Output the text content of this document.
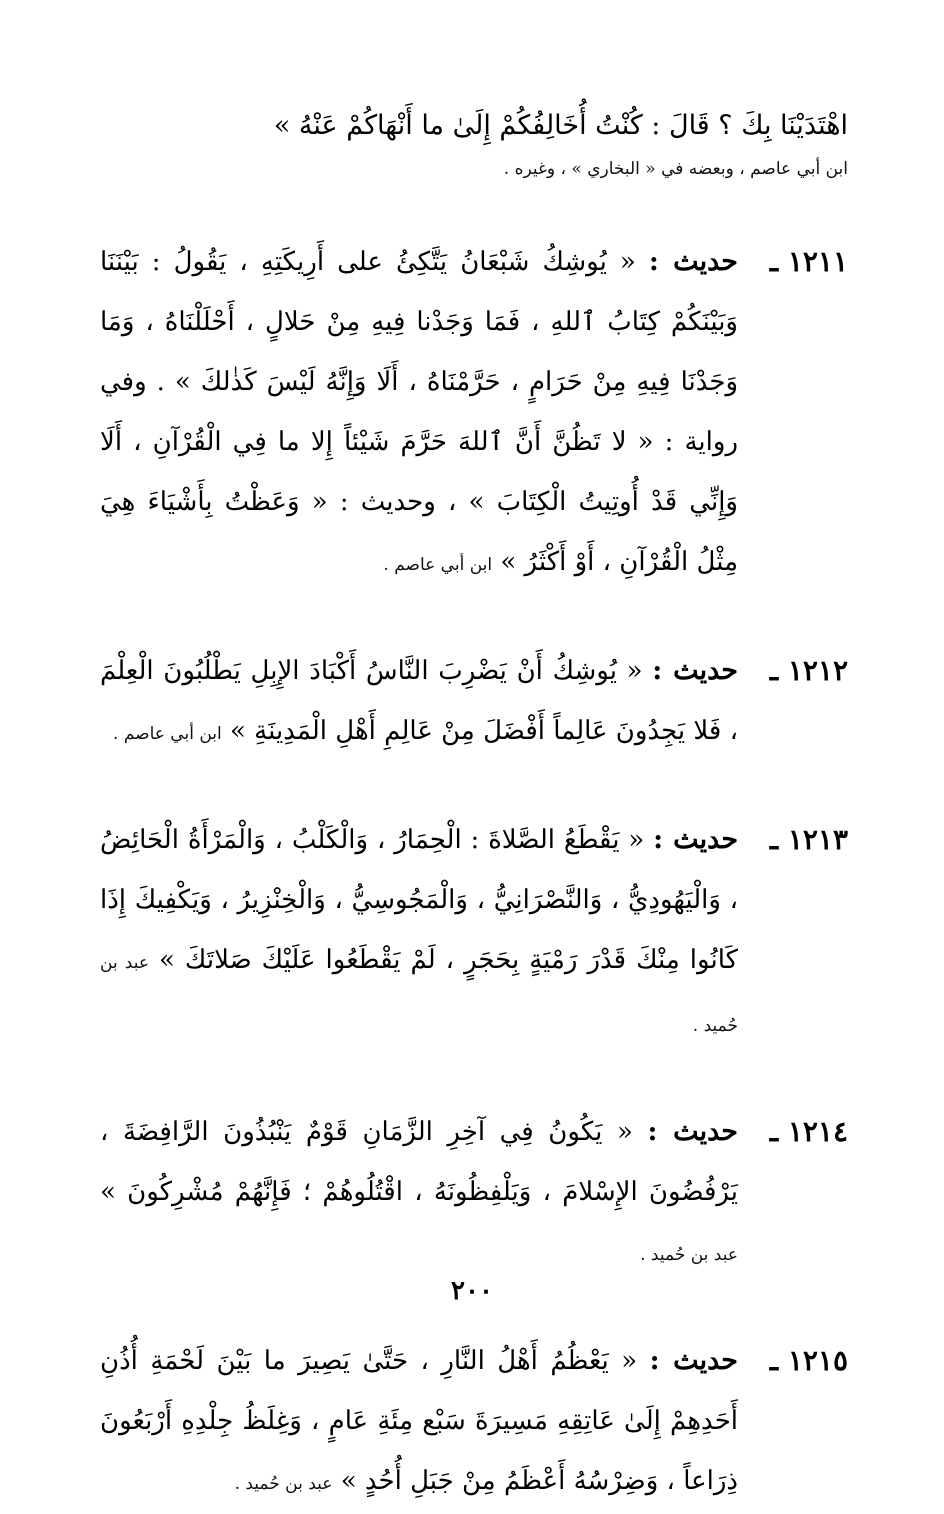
اهْتَدَيْنَا بِكَ ؟ قَالَ : كُنْتُ أُخَالِفُكُمْ إِلَىٰ ما أَنْهَاكُمْ عَنْهُ »
ابن أبي عاصم ، وبعضه في « البخاري » ، وغيره .
١٢١١ ـ
حديث : « يُوشِكُ شَبْعَانُ يَتَّكِئُ على أَرِيكَتِهِ ، يَقُولُ : بَيْنَنَا وَبَيْنَكُمْ كِتَابُ ٱللهِ ، فَمَا وَجَدْنا فِيهِ مِنْ حَلالٍ ، أَحْلَلْنَاهُ ، وَمَا وَجَدْنَا فِيهِ مِنْ حَرَامٍ ، حَرَّمْنَاهُ ، أَلَا وَإِنَّهُ لَيْسَ كَذٰلكَ » . وفي رواية : « لا تَظُنَّ أَنَّ ٱللهَ حَرَّمَ شَيْئاً إِلا ما فِي الْقُرْآنِ ، أَلَا وَإِنِّي قَدْ أُوتِيتُ الْكِتَابَ » ، وحديث : « وَعَظْتُ بِأَشْيَاءَ هِيَ مِثْلُ الْقُرْآنِ ، أَوْ أَكْثَرُ » ابن أبي عاصم .
١٢١٢ ـ
حديث : « يُوشِكُ أَنْ يَضْرِبَ النَّاسُ أَكْبَادَ الإِبِلِ يَطْلُبُونَ الْعِلْمَ ، فَلا يَجِدُونَ عَالِماً أَفْضَلَ مِنْ عَالِمِ أَهْلِ الْمَدِينَةِ » ابن أبي عاصم .
١٢١٣ ـ
حديث : « يَقْطَعُ الصَّلاةَ : الْحِمَارُ ، وَالْكَلْبُ ، وَالْمَرْأَةُ الْحَائِضُ ، وَالْيَهُودِيُّ ، وَالنَّصْرَانِيُّ ، وَالْمَجُوسِيُّ ، وَالْخِنْزِيرُ ، وَيَكْفِيكَ إِذَا كَانُوا مِنْكَ قَدْرَ رَمْيَةٍ بِحَجَرٍ ، لَمْ يَقْطَعُوا عَلَيْكَ صَلاتَكَ » عبد بن حُميد .
١٢١٤ ـ
حديث : « يَكُونُ فِي آخِرِ الزَّمَانِ قَوْمٌ يَنْبُذُونَ الرَّافِضَةَ ، يَرْفُضُونَ الإِسْلامَ ، وَيَلْفِظُونَهُ ، اقْتُلُوهُمْ ؛ فَإِنَّهُمْ مُشْرِكُونَ » عبد بن حُميد .
١٢١٥ ـ
حديث : « يَعْظُمُ أَهْلُ النَّارِ ، حَتَّىٰ يَصِيرَ ما بَيْنَ لَحْمَةِ أُذُنِ أَحَدِهِمْ إِلَىٰ عَاتِقِهِ مَسِيرَةَ سَبْع مِئَةِ عَامٍ ، وَغِلَظُ جِلْدِهِ أَرْبَعُونَ ذِرَاعاً ، وَضِرْسُهُ أَعْظَمُ مِنْ جَبَلِ أُحُدٍ » عبد بن حُميد .
٢٠٠
